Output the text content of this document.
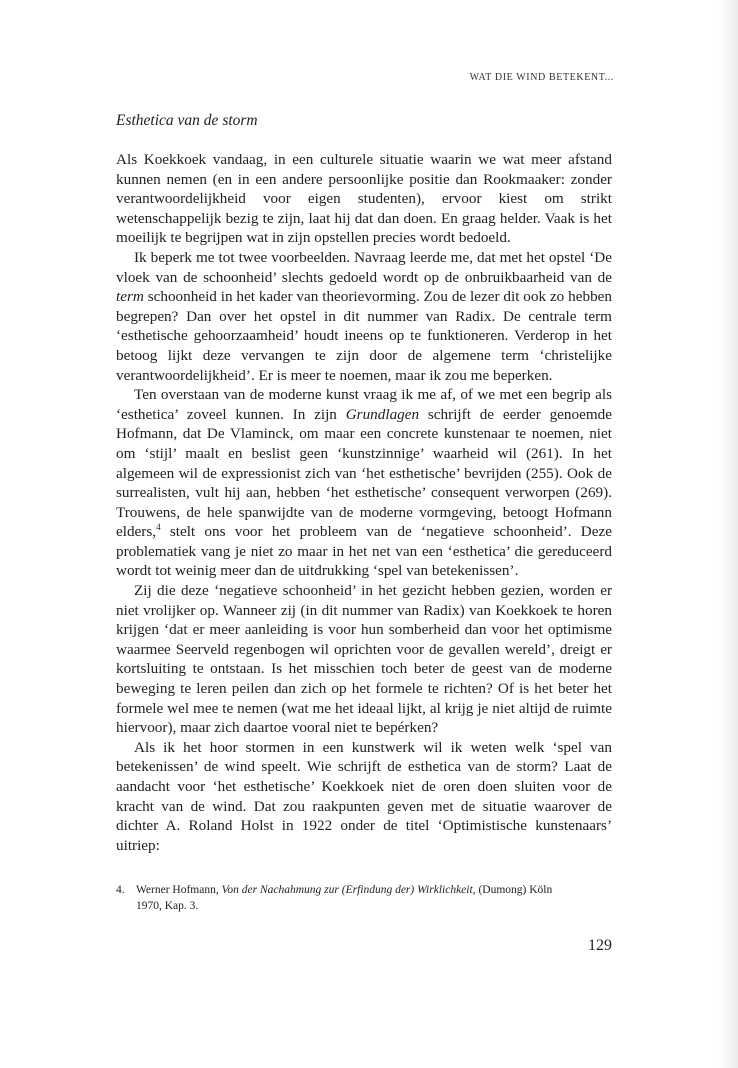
WAT DIE WIND BETEKENT...
Esthetica van de storm

Als Koekkoek vandaag, in een culturele situatie waarin we wat meer afstand kunnen nemen (en in een andere persoonlijke positie dan Rookmaaker: zonder verantwoordelijkheid voor eigen studenten), ervoor kiest om strikt wetenschappelijk bezig te zijn, laat hij dat dan doen. En graag helder. Vaak is het moeilijk te begrijpen wat in zijn opstellen precies wordt bedoeld.

Ik beperk me tot twee voorbeelden. Navraag leerde me, dat met het opstel ‘De vloek van de schoonheid’ slechts gedoeld wordt op de onbruikbaarheid van de term schoonheid in het kader van theorievorming. Zou de lezer dit ook zo hebben begrepen? Dan over het opstel in dit nummer van Radix. De centrale term ‘esthetische gehoorzaamheid’ houdt ineens op te funktioneren. Verderop in het betoog lijkt deze vervangen te zijn door de algemene term ‘christelijke verantwoordelijkheid’. Er is meer te noemen, maar ik zou me beperken.

Ten overstaan van de moderne kunst vraag ik me af, of we met een begrip als ‘esthetica’ zoveel kunnen. In zijn Grundlagen schrijft de eerder genoemde Hofmann, dat De Vlaminck, om maar een concrete kunstenaar te noemen, niet om ‘stijl’ maalt en beslist geen ‘kunstzinnige’ waarheid wil (261). In het algemeen wil de expressionist zich van ‘het esthetische’ bevrijden (255). Ook de surrealisten, vult hij aan, hebben ‘het esthetische’ consequent verworpen (269). Trouwens, de hele spanwijdte van de moderne vormgeving, betoogt Hofmann elders,$^4$ stelt ons voor het probleem van de ‘negatieve schoonheid’. Deze problematiek vang je niet zo maar in het net van een ‘esthetica’ die gereduceerd wordt tot weinig meer dan de uitdrukking ‘spel van betekenissen’.

Zij die deze ‘negatieve schoonheid’ in het gezicht hebben gezien, worden er niet vrolijker op. Wanneer zij (in dit nummer van Radix) van Koekkoek te horen krijgen ‘dat er meer aanleiding is voor hun somberheid dan voor het optimisme waarmee Seerveld regenbogen wil oprichten voor de gevallen wereld’, dreigt er kortsluiting te ontstaan. Is het misschien toch beter de geest van de moderne beweging te leren peilen dan zich op het formele te richten? Of is het beter het formele wel mee te nemen (wat me het ideaal lijkt, al krijg je niet altijd de ruimte hiervoor), maar zich daartoe vooral niet te bepérken?

Als ik het hoor stormen in een kunstwerk wil ik weten welk ‘spel van betekenissen’ de wind speelt. Wie schrijft de esthetica van de storm? Laat de aandacht voor ‘het esthetische’ Koekkoek niet de oren doen sluiten voor de kracht van de wind. Dat zou raakpunten geven met de situatie waarover de dichter A. Roland Holst in 1922 onder de titel ‘Optimistische kunstenaars’ uitriep:

4. Werner Hofmann, Von der Nachahmung zur (Erfindung der) Wirklichkeit, (Dumong) Köln
1970, Kap. 3.
129
